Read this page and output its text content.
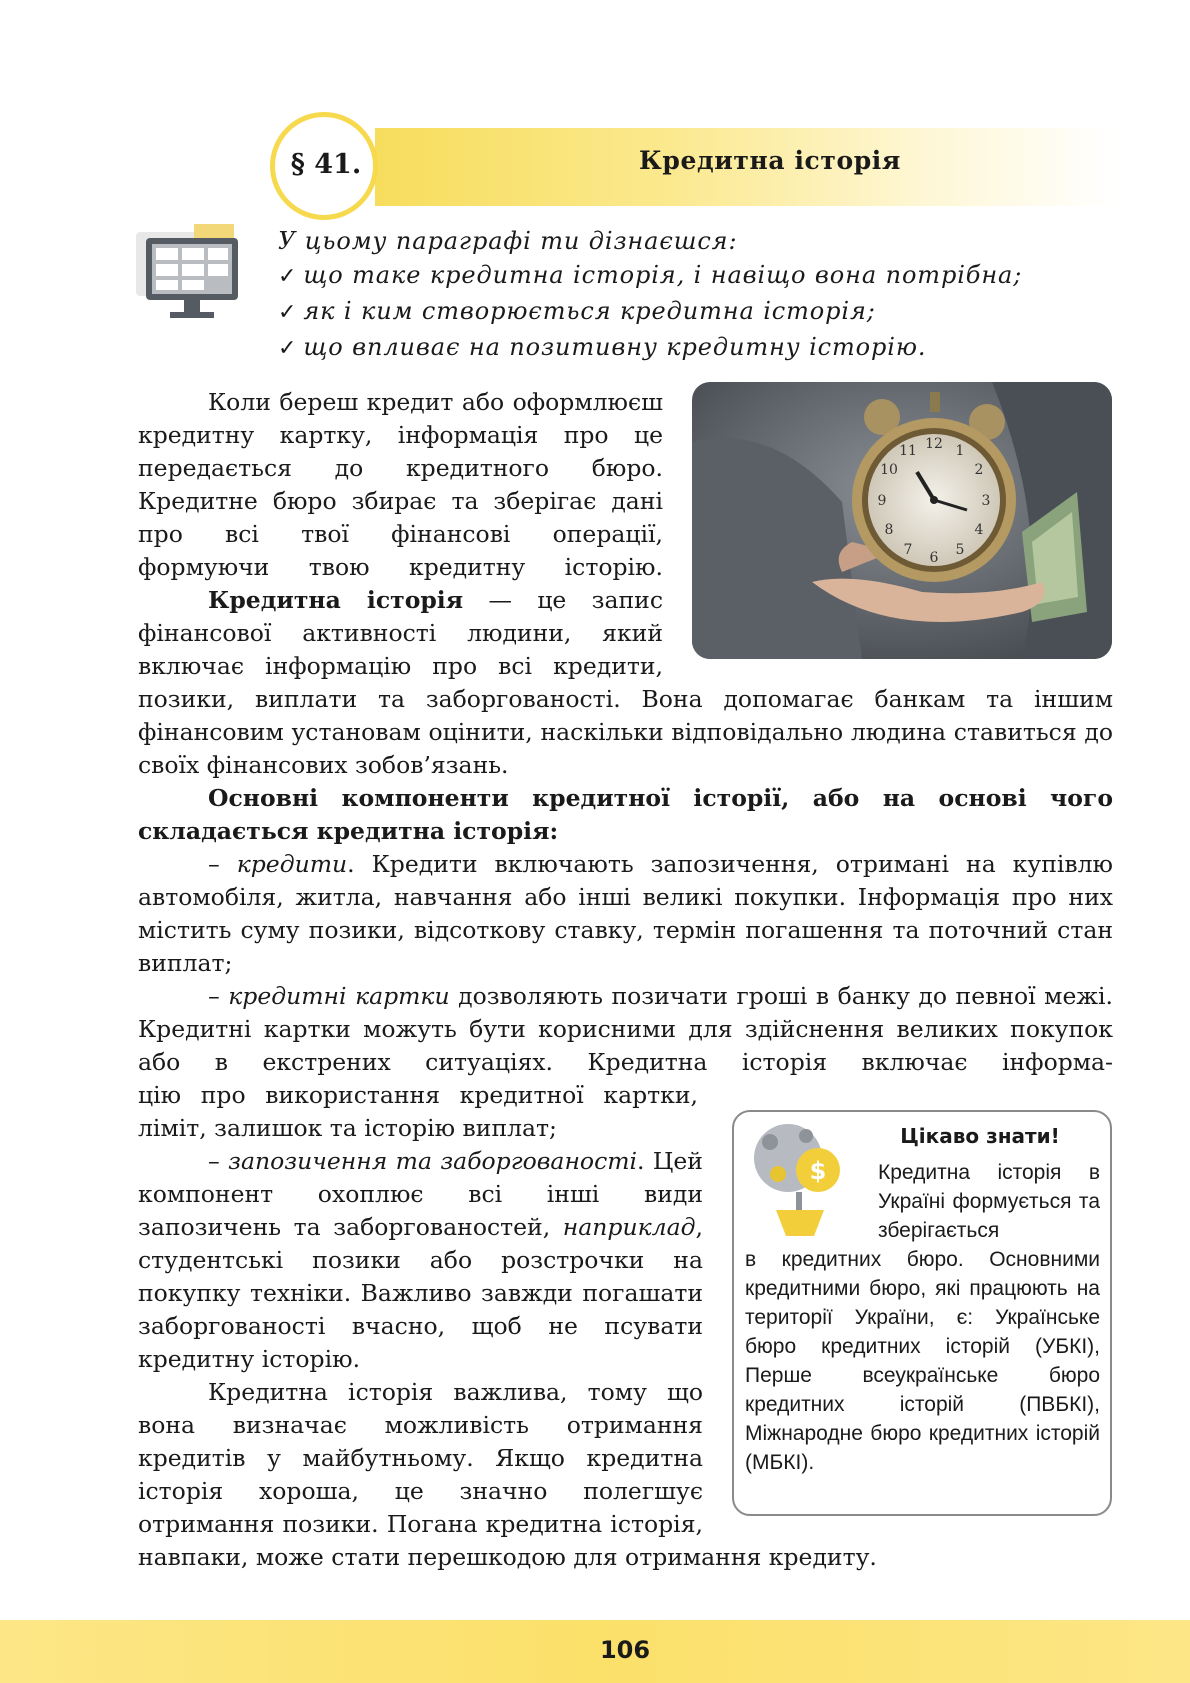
§ 41.	Кредитна історія
У цьому параграфі ти дізнаєшся:
✓ що таке кредитна історія, і навіщо вона потрібна;
✓ як і ким створюється кредитна історія;
✓ що впливає на позитивну кредитну історію.

Коли береш кредит або оформлюєш кредитну картку, інформація про це передається до кредитного бюро. Кредитне бюро збирає та зберігає дані про всі твої фінансові операції, формуючи твою кредитну історію.

Кредитна історія — це запис фінансової активності людини, який включає інформацію про всі кредити,

позики, виплати та заборгованості. Вона допомагає банкам та іншим фінансовим установам оцінити, наскільки відповідально людина ставиться до своїх фінансових зобов’язань.

Основні компоненти кредитної історії, або на основі чого складається кредитна історія:

– кредити. Кредити включають запозичення, отримані на купівлю автомобіля, житла, навчання або інші великі покупки. Інформація про них містить суму позики, відсоткову ставку, термін погашення та поточний стан виплат;

– кредитні картки дозволяють позичати гроші в банку до певної межі. Кредитні картки можуть бути корисними для здійснення великих покупок або в екстрених ситуаціях. Кредитна історія включає інформа-

цію про використання кредитної картки, ліміт, залишок та історію виплат;

– запозичення та заборгованості. Цей компонент охоплює всі інші види запозичень та заборгованостей, наприклад, студентські позики або розстрочки на покупку техніки. Важливо завжди погашати заборгованості вчасно, щоб не псувати кредитну історію.

Кредитна історія важлива, тому що вона визначає можливість отримання кредитів у майбутньому. Якщо кредитна історія хороша, це значно полегшує отримання позики. Погана кредитна історія,

навпаки, може стати перешкодою для отримання кредиту.

12 1
2
3
4
5
6
7
8
9
10
11
$
Цікаво знати!

Кредитна історія в Україні формується та зберігається

в кредитних бюро. Основними кредитними бюро, які працюють на території України, є: Українське бюро кредитних історій (УБКІ), Перше всеукраїнське бюро кредитних історій (ПВБКІ), Міжнародне бюро кредитних історій (МБКІ).

106
